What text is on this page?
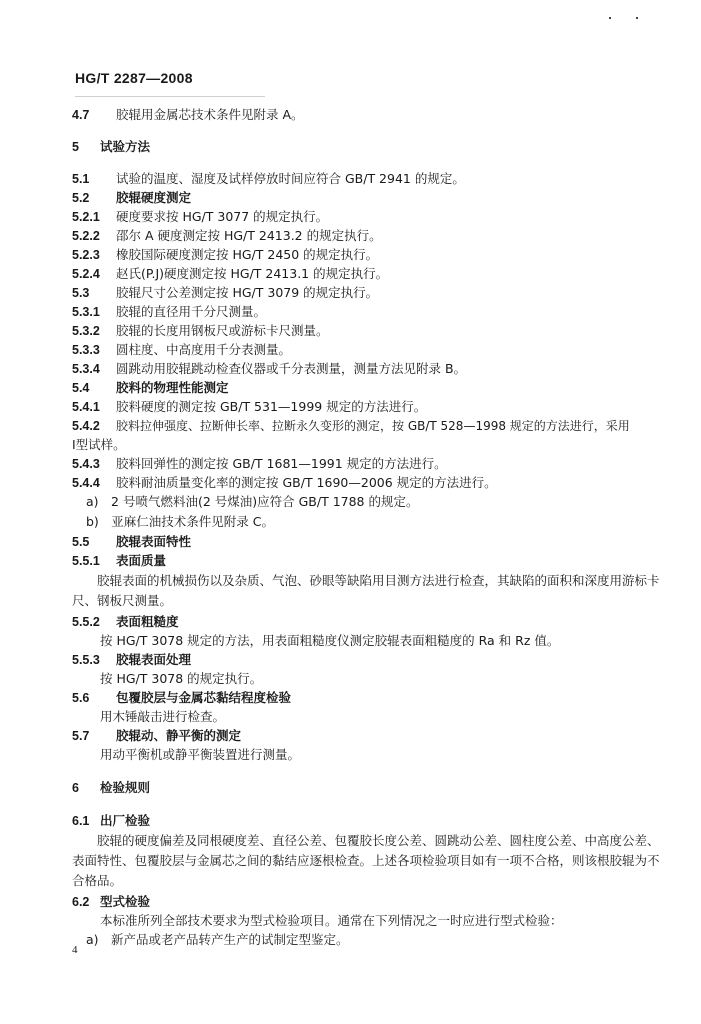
HG/T 2287—2008
4.7 胶辊用金属芯技术条件见附录 A。
5 试验方法
5.1 试验的温度、湿度及试样停放时间应符合 GB/T 2941 的规定。
5.2 胶辊硬度测定
5.2.1 硬度要求按 HG/T 3077 的规定执行。
5.2.2 邵尔 A 硬度测定按 HG/T 2413.2 的规定执行。
5.2.3 橡胶国际硬度测定按 HG/T 2450 的规定执行。
5.2.4 赵氏(P.J)硬度测定按 HG/T 2413.1 的规定执行。
5.3 胶辊尺寸公差测定按 HG/T 3079 的规定执行。
5.3.1 胶辊的直径用千分尺测量。
5.3.2 胶辊的长度用钢板尺或游标卡尺测量。
5.3.3 圆柱度、中高度用千分表测量。
5.3.4 圆跳动用胶辊跳动检查仪器或千分表测量，测量方法见附录 B。
5.4 胶料的物理性能测定
5.4.1 胶料硬度的测定按 GB/T 531—1999 规定的方法进行。
5.4.2 胶料拉伸强度、拉断伸长率、拉断永久变形的测定，按 GB/T 528—1998 规定的方法进行，采用
Ⅰ型试样。
5.4.3 胶料回弹性的测定按 GB/T 1681—1991 规定的方法进行。
5.4.4 胶料耐油质量变化率的测定按 GB/T 1690—2006 规定的方法进行。
a)　2 号喷气燃料油(2 号煤油)应符合 GB/T 1788 的规定。
b)　亚麻仁油技术条件见附录 C。
5.5 胶辊表面特性
5.5.1 表面质量
胶辊表面的机械损伤以及杂质、气泡、砂眼等缺陷用目测方法进行检查，其缺陷的面积和深度用游标卡尺、钢板尺测量。
5.5.2 表面粗糙度
按 HG/T 3078 规定的方法，用表面粗糙度仪测定胶辊表面粗糙度的 Ra 和 Rz 值。
5.5.3 胶辊表面处理
按 HG/T 3078 的规定执行。
5.6 包覆胶层与金属芯黏结程度检验
用木锤敲击进行检查。
5.7 胶辊动、静平衡的测定
用动平衡机或静平衡装置进行测量。
6 检验规则
6.1 出厂检验
胶辊的硬度偏差及同根硬度差、直径公差、包覆胶长度公差、圆跳动公差、圆柱度公差、中高度公差、表面特性、包覆胶层与金属芯之间的黏结应逐根检查。上述各项检验项目如有一项不合格，则该根胶辊为不合格品。
6.2 型式检验
本标准所列全部技术要求为型式检验项目。通常在下列情况之一时应进行型式检验：
a)　新产品或老产品转产生产的试制定型鉴定。
4
